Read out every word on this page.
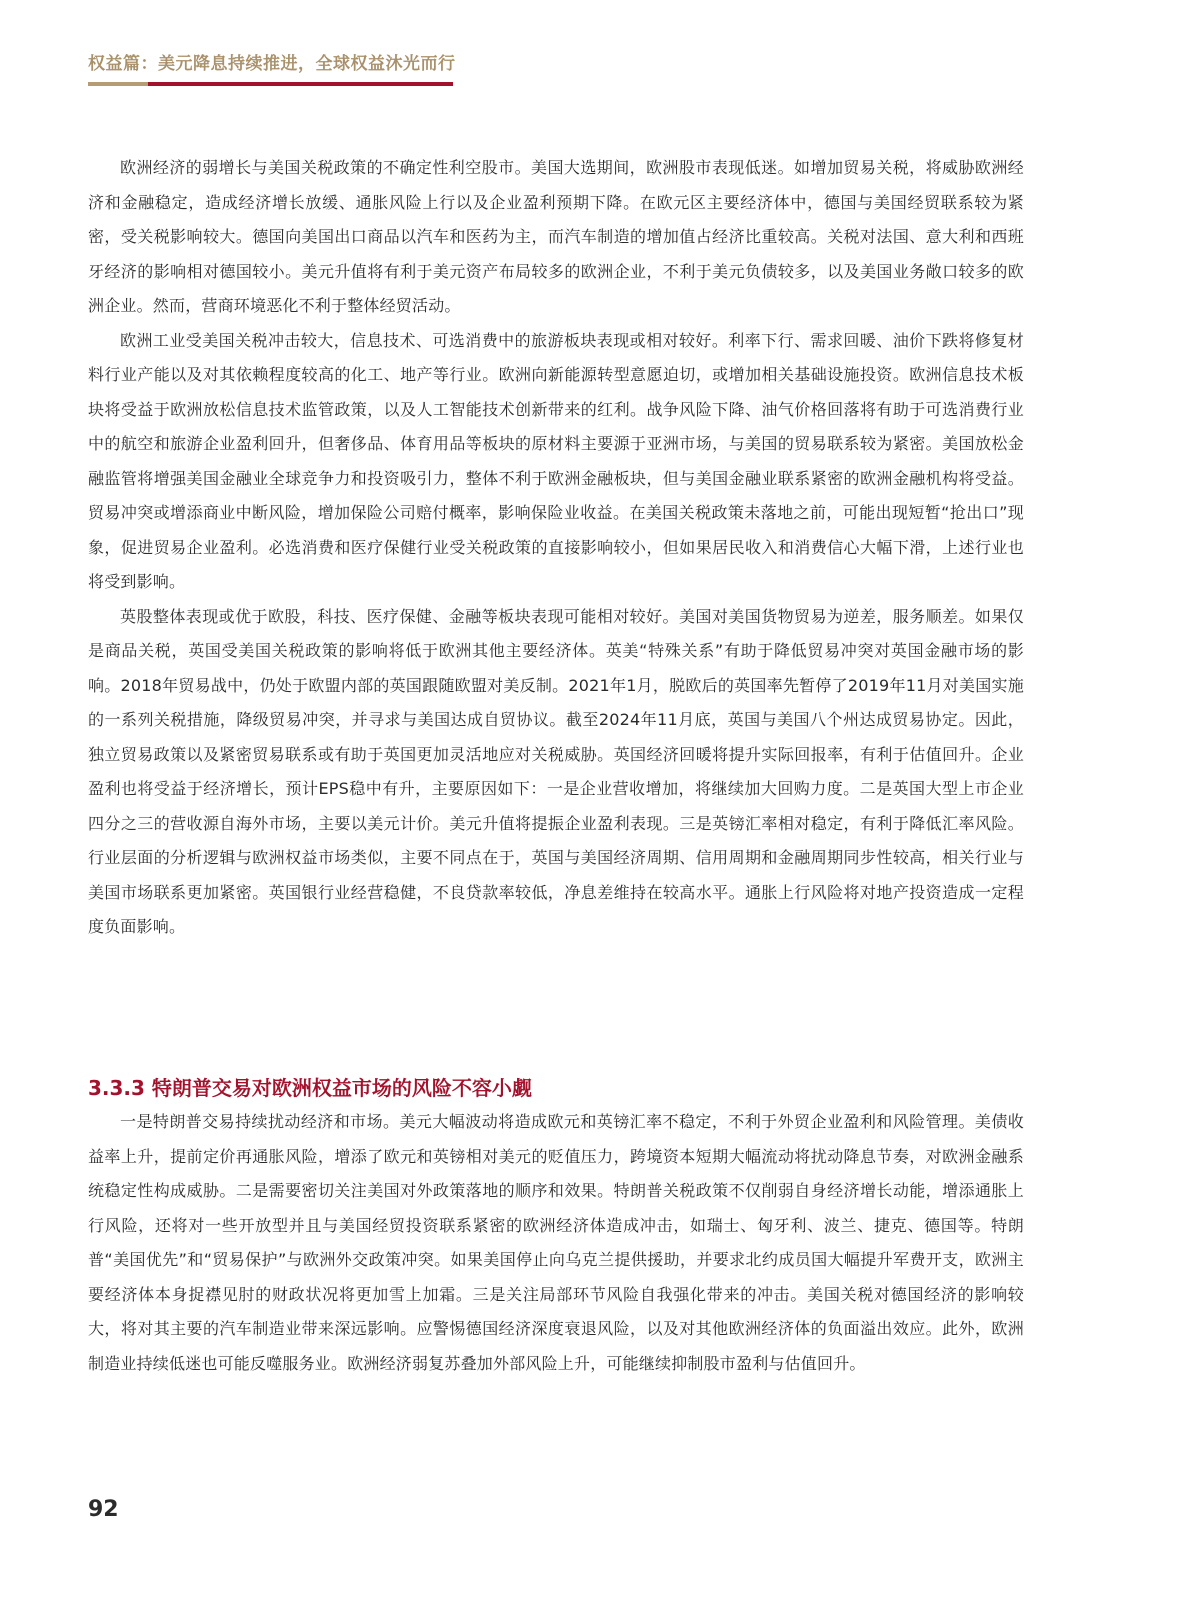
权益篇：美元降息持续推进，全球权益沐光而行

欧洲经济的弱增长与美国关税政策的不确定性利空股市。美国大选期间，欧洲股市表现低迷。如增加贸易关税，将威胁欧洲经济和金融稳定，造成经济增长放缓、通胀风险上行以及企业盈利预期下降。在欧元区主要经济体中，德国与美国经贸联系较为紧密，受关税影响较大。德国向美国出口商品以汽车和医药为主，而汽车制造的增加值占经济比重较高。关税对法国、意大利和西班牙经济的影响相对德国较小。美元升值将有利于美元资产布局较多的欧洲企业，不利于美元负债较多，以及美国业务敞口较多的欧洲企业。然而，营商环境恶化不利于整体经贸活动。

欧洲工业受美国关税冲击较大，信息技术、可选消费中的旅游板块表现或相对较好。利率下行、需求回暖、油价下跌将修复材料行业产能以及对其依赖程度较高的化工、地产等行业。欧洲向新能源转型意愿迫切，或增加相关基础设施投资。欧洲信息技术板块将受益于欧洲放松信息技术监管政策，以及人工智能技术创新带来的红利。战争风险下降、油气价格回落将有助于可选消费行业中的航空和旅游企业盈利回升，但奢侈品、体育用品等板块的原材料主要源于亚洲市场，与美国的贸易联系较为紧密。美国放松金融监管将增强美国金融业全球竞争力和投资吸引力，整体不利于欧洲金融板块，但与美国金融业联系紧密的欧洲金融机构将受益。贸易冲突或增添商业中断风险，增加保险公司赔付概率，影响保险业收益。在美国关税政策未落地之前，可能出现短暂“抢出口”现象，促进贸易企业盈利。必选消费和医疗保健行业受关税政策的直接影响较小，但如果居民收入和消费信心大幅下滑，上述行业也将受到影响。

英股整体表现或优于欧股，科技、医疗保健、金融等板块表现可能相对较好。美国对美国货物贸易为逆差，服务顺差。如果仅是商品关税，英国受美国关税政策的影响将低于欧洲其他主要经济体。英美“特殊关系”有助于降低贸易冲突对英国金融市场的影响。2018年贸易战中，仍处于欧盟内部的英国跟随欧盟对美反制。2021年1月，脱欧后的英国率先暂停了2019年11月对美国实施的一系列关税措施，降级贸易冲突，并寻求与美国达成自贸协议。截至2024年11月底，英国与美国八个州达成贸易协定。因此，独立贸易政策以及紧密贸易联系或有助于英国更加灵活地应对关税威胁。英国经济回暖将提升实际回报率，有利于估值回升。企业盈利也将受益于经济增长，预计EPS稳中有升，主要原因如下：一是企业营收增加，将继续加大回购力度。二是英国大型上市企业四分之三的营收源自海外市场，主要以美元计价。美元升值将提振企业盈利表现。三是英镑汇率相对稳定，有利于降低汇率风险。行业层面的分析逻辑与欧洲权益市场类似，主要不同点在于，英国与美国经济周期、信用周期和金融周期同步性较高，相关行业与美国市场联系更加紧密。英国银行业经营稳健，不良贷款率较低，净息差维持在较高水平。通胀上行风险将对地产投资造成一定程度负面影响。

3.3.3 特朗普交易对欧洲权益市场的风险不容小觑

一是特朗普交易持续扰动经济和市场。美元大幅波动将造成欧元和英镑汇率不稳定，不利于外贸企业盈利和风险管理。美债收益率上升，提前定价再通胀风险，增添了欧元和英镑相对美元的贬值压力，跨境资本短期大幅流动将扰动降息节奏，对欧洲金融系统稳定性构成威胁。二是需要密切关注美国对外政策落地的顺序和效果。特朗普关税政策不仅削弱自身经济增长动能，增添通胀上行风险，还将对一些开放型并且与美国经贸投资联系紧密的欧洲经济体造成冲击，如瑞士、匈牙利、波兰、捷克、德国等。特朗普“美国优先”和“贸易保护”与欧洲外交政策冲突。如果美国停止向乌克兰提供援助，并要求北约成员国大幅提升军费开支，欧洲主要经济体本身捉襟见肘的财政状况将更加雪上加霜。三是关注局部环节风险自我强化带来的冲击。美国关税对德国经济的影响较大，将对其主要的汽车制造业带来深远影响。应警惕德国经济深度衰退风险，以及对其他欧洲经济体的负面溢出效应。此外，欧洲制造业持续低迷也可能反噬服务业。欧洲经济弱复苏叠加外部风险上升，可能继续抑制股市盈利与估值回升。

92
